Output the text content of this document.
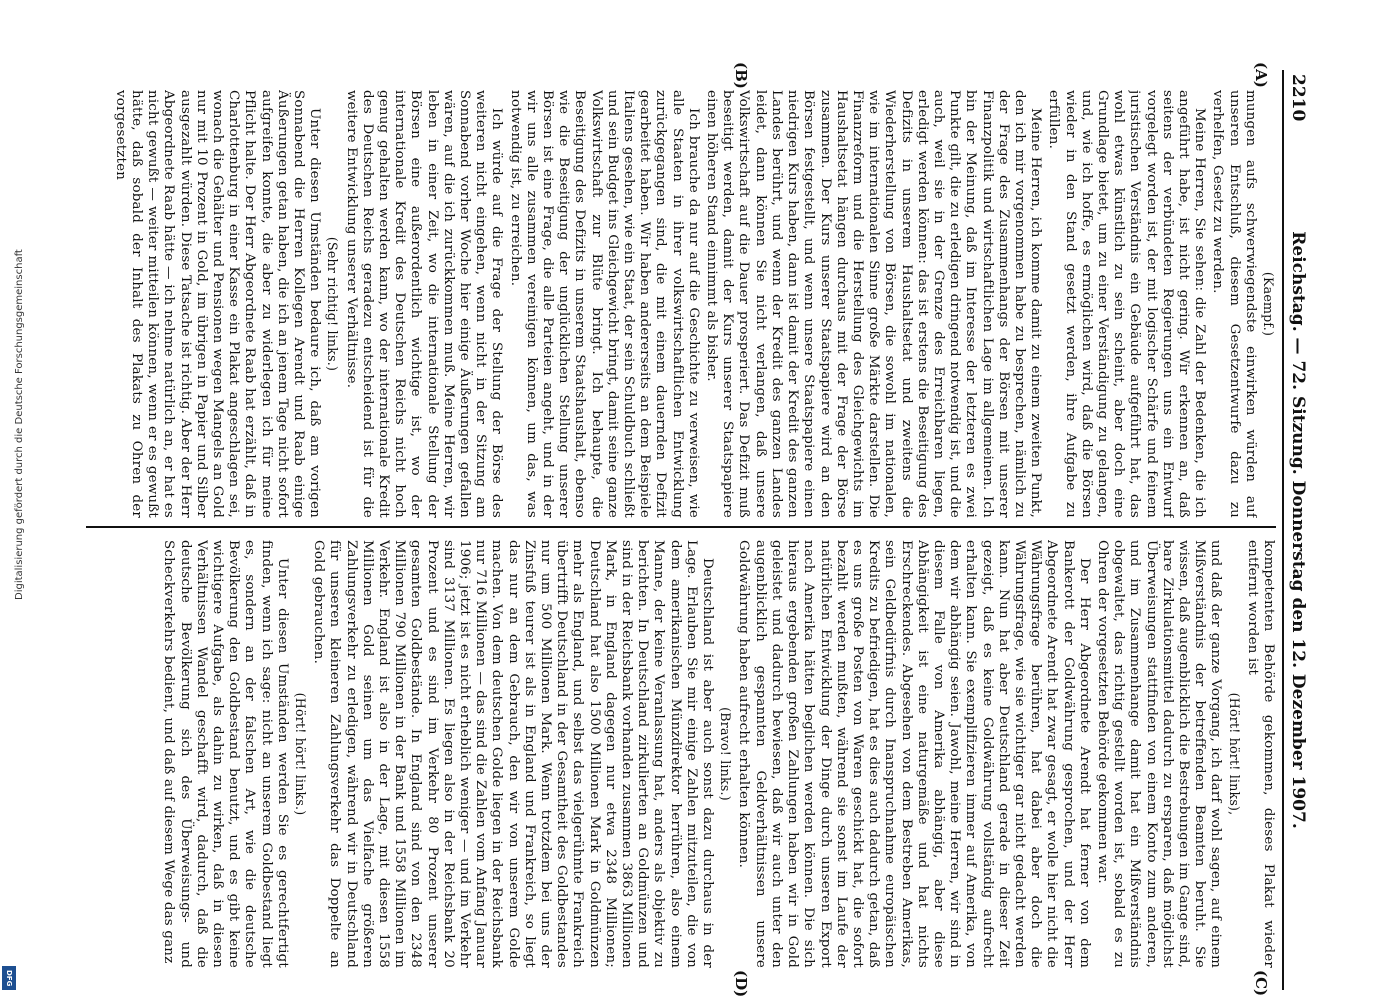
2210
Reichstag. — 72. Sitzung. Donnerstag den 12. Dezember 1907.

(Kaempf.)

mungen aufs schwerwiegendste einwirken würden auf unseren Entschluß, diesem Gesetzentwurfe dazu zu verhelfen, Gesetz zu werden.

Meine Herren, Sie sehen: die Zahl der Bedenken, die ich angeführt habe, ist nicht gering. Wir erkennen an, daß seitens der verbündeten Regierungen uns ein Entwurf vorgelegt worden ist, der mit logischer Schärfe und feinem juristischen Verständnis ein Gebäude aufgeführt hat, das wohl etwas künstlich zu sein scheint, aber doch eine Grundlage bietet, um zu einer Verständigung zu gelangen, und, wie ich hoffe, es ermöglichen wird, daß die Börsen wieder in den Stand gesetzt werden, ihre Aufgabe zu erfüllen.

Meine Herren, ich komme damit zu einem zweiten Punkt, den ich mir vorgenommen habe zu besprechen, nämlich zu der Frage des Zusammenhangs der Börsen mit unserer Finanzpolitik und wirtschaftlichen Lage im allgemeinen. Ich bin der Meinung, daß im Interesse der letzteren es zwei Punkte gilt, die zu erledigen dringend notwendig ist, und die auch, weil sie in der Grenze des Erreichbaren liegen, erledigt werden können: das ist erstens die Beseitigung des Defizits in unserem Haushaltsetat und zweitens die Wiederherstellung von Börsen, die sowohl im nationalen, wie im internationalen Sinne große Märkte darstellen. Die Finanzreform und die Herstellung des Gleichgewichts im Haushaltsetat hängen durchaus mit der Frage der Börse zusammen. Der Kurs unserer Staatspapiere wird an den Börsen festgestellt, und wenn unsere Staatspapiere einen niedrigen Kurs haben, dann ist damit der Kredit des ganzen Landes berührt, und wenn der Kredit des ganzen Landes leidet, dann können Sie nicht verlangen, daß unsere Volkswirtschaft auf die Dauer prosperiert. Das Defizit muß beseitigt werden, damit der Kurs unserer Staatspapiere einen höheren Stand einnimmt als bisher.

Ich brauche da nur auf die Geschichte zu verweisen, wie alle Staaten in ihrer volkswirtschaftlichen Entwicklung zurückgegangen sind, die mit einem dauernden Defizit gearbeitet haben. Wir haben andererseits an dem Beispiele Italiens gesehen, wie ein Staat, der sein Schuldbuch schließt und sein Budget ins Gleichgewicht bringt, damit seine ganze Volkswirtschaft zur Blüte bringt. Ich behaupte, die Beseitigung des Defizits in unserem Staatshaushalt, ebenso wie die Beseitigung der unglücklichen Stellung unserer Börsen ist eine Frage, die alle Parteien angeht, und in der wir uns alle zusammen vereinigen können, um das, was notwendig ist, zu erreichen.

Ich würde auf die Frage der Stellung der Börse des weiteren nicht eingehen, wenn nicht in der Sitzung am Sonnabend vorher Woche hier einige Äußerungen gefallen wären, auf die ich zurückkommen muß. Meine Herren, wir leben in einer Zeit, wo die internationale Stellung der Börsen eine außerordentlich wichtige ist, wo der internationale Kredit des Deutschen Reichs nicht hoch genug gehalten werden kann, wo der internationale Kredit des Deutschen Reichs geradezu entscheidend ist für die weitere Entwicklung unserer Verhältnisse.

(Sehr richtig! links.)

Unter diesen Umständen bedaure ich, daß am vorigen Sonnabend die Herren Kollegen Arendt und Raab einige Äußerungen getan haben, die ich an jenem Tage nicht sofort aufgreifen konnte, die aber zu widerlegen ich für meine Pflicht halte. Der Herr Abgeordnete Raab hat erzählt, daß in Charlottenburg in einer Kasse ein Plakat angeschlagen sei, wonach die Gehälter und Pensionen wegen Mangels an Gold nur mit 10 Prozent in Gold, im übrigen in Papier und Silber ausgezahlt würden. Diese Tatsache ist richtig. Aber der Herr Abgeordnete Raab hätte — ich nehme natürlich an, er hat es nicht gewußt — weiter mitteilen können, wenn er es gewußt hätte, daß sobald der Inhalt des Plakats zu Ohren der vorgesetzten

kompetenten Behörde gekommen, dieses Plakat wieder entfernt worden ist

(Hört! hört! links),

und daß der ganze Vorgang, ich darf wohl sagen, auf einem Mißverständnis der betreffenden Beamten beruht. Sie wissen, daß augenblicklich die Bestrebungen im Gange sind, bare Zirkulationsmittel dadurch zu ersparen, daß möglichst Überweisungen stattfinden von einem Konto zum anderen, und im Zusammenhange damit hat ein Mißverständnis obgewaltet, das richtig gestellt worden ist, sobald es zu Ohren der vorgesetzten Behörde gekommen war.

Der Herr Abgeordnete Arendt hat ferner von dem Bankerott der Goldwährung gesprochen, und der Herr Abgeordnete Arendt hat zwar gesagt, er wolle hier nicht die Währungsfrage berühren, hat dabei aber doch die Währungsfrage, wie sie wichtiger gar nicht gedacht werden kann. Nun hat aber Deutschland gerade in dieser Zeit gezeigt, daß es keine Goldwährung vollständig aufrecht erhalten kann. Sie exemplifizieren immer auf Amerika, von dem wir abhängig seien. Jawohl, meine Herren, wir sind in diesem Falle von Amerika abhängig, aber diese Abhängigkeit ist eine naturgemäße und hat nichts Erschreckendes. Abgesehen von dem Bestreben Amerikas, sein Geldbedürfnis durch Inanspruchnahme europäischen Kredits zu befriedigen, hat es dies auch dadurch getan, daß es uns große Posten von Waren geschickt hat, die sofort bezahlt werden mußten, während sie sonst im Laufe der natürlichen Entwicklung der Dinge durch unseren Export nach Amerika hätten beglichen werden können. Die sich hieraus ergebenden großen Zahlungen haben wir in Gold geleistet und dadurch bewiesen, daß wir auch unter den augenblicklich gespannten Geldverhältnissen unsere Goldwährung haben aufrecht erhalten können.

(Bravo! links.)

Deutschland ist aber auch sonst dazu durchaus in der Lage. Erlauben Sie mir einige Zahlen mitzuteilen, die von dem amerikanischen Münzdirektor herrühren, also einem Manne, der keine Veranlassung hat, anders als objektiv zu berichten. In Deutschland zirkulierten an Goldmünzen und sind in der Reichsbank vorhanden zusammen 3863 Millionen Mark, in England dagegen nur etwa 2348 Millionen; Deutschland hat also 1500 Millionen Mark in Goldmünzen mehr als England, und selbst das vielgerühmte Frankreich übertrifft Deutschland in der Gesamtheit des Goldbestandes nur um 500 Millionen Mark. Wenn trotzdem bei uns der Zinsfuß teurer ist als in England und Frankreich, so liegt das nur an dem Gebrauch, den wir von unserem Golde machen. Von dem deutschen Golde liegen in der Reichsbank nur 716 Millionen — das sind die Zahlen vom Anfang Januar 1906; jetzt ist es nicht erheblich weniger — und im Verkehr sind 3137 Millionen. Es liegen also in der Reichsbank 20 Prozent und es sind im Verkehr 80 Prozent unserer gesamten Goldbestände. In England sind von den 2348 Millionen 790 Millionen in der Bank und 1558 Millionen im Verkehr. England ist also in der Lage, mit diesen 1558 Millionen Gold seinen um das Vielfache größeren Zahlungsverkehr zu erledigen, während wir in Deutschland für unseren kleineren Zahlungsverkehr das Doppelte an Gold gebrauchen.

(Hört! hört! links.)

Unter diesen Umständen werden Sie es gerechtfertigt finden, wenn ich sage: nicht an unserem Goldbestand liegt es, sondern an der falschen Art, wie die deutsche Bevölkerung den Goldbestand benutzt, und es gibt keine wichtigere Aufgabe, als dahin zu wirken, daß in diesen Verhältnissen Wandel geschafft wird, dadurch, daß die deutsche Bevölkerung sich des Überweisungs- und Scheckverkehrs bedient, und daß auf diesem Wege das ganz

(A)
(B)
(C)
(D)
Digitalisierung gefördert durch die Deutsche Forschungsgemeinschaft
DFG
